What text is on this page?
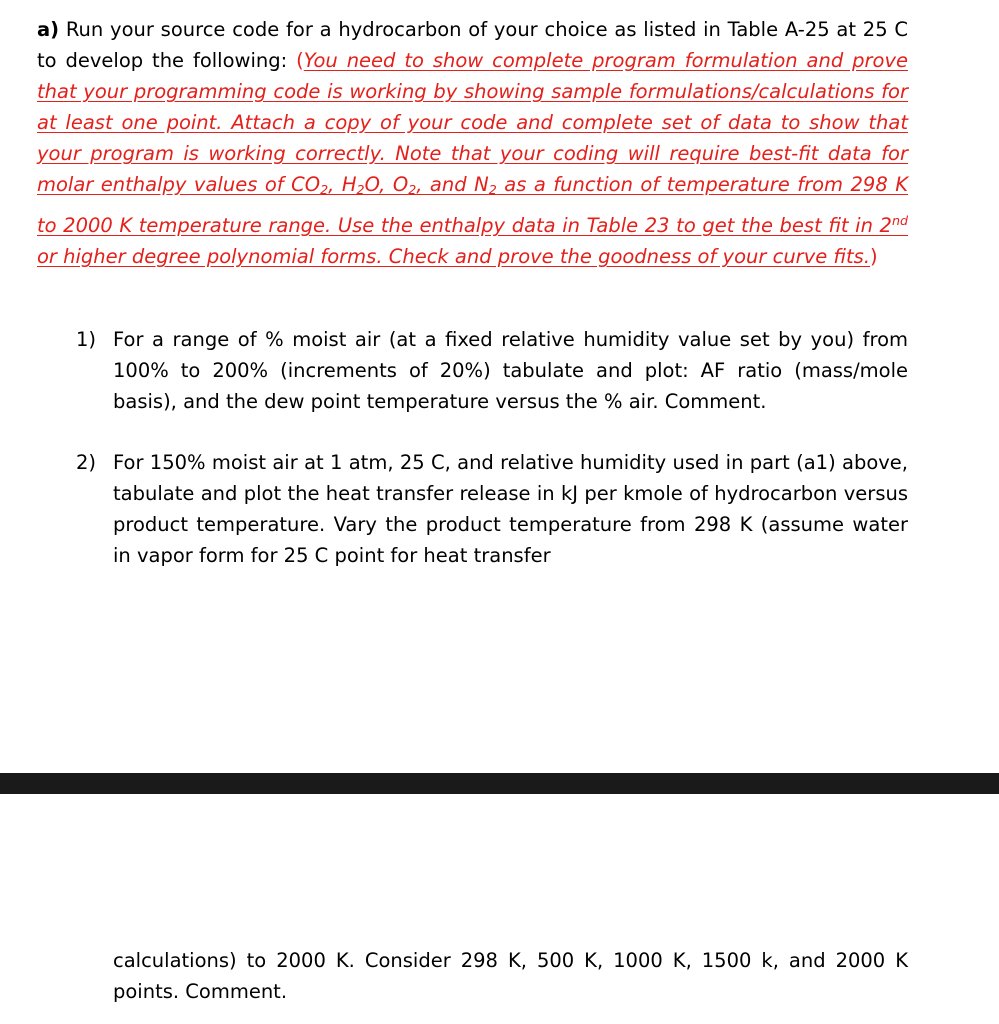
a) Run your source code for a hydrocarbon of your choice as listed in Table A-25 at 25 C to develop the following: (You need to show complete program formulation and prove that your programming code is working by showing sample formulations/calculations for at least one point. Attach a copy of your code and complete set of data to show that your program is working correctly. Note that your coding will require best-fit data for molar enthalpy values of $CO_2$, $H_2O$, $O_2$, and $N_2$ as a function of temperature from 298 K to 2000 K temperature range. Use the enthalpy data in Table 23 to get the best fit in 2nd or higher degree polynomial forms. Check and prove the goodness of your curve fits.)
1) For a range of % moist air (at a fixed relative humidity value set by you) from 100% to 200% (increments of 20%) tabulate and plot: AF ratio (mass/mole basis), and the dew point temperature versus the % air. Comment.
2) For 150% moist air at 1 atm, 25 C, and relative humidity used in part (a1) above, tabulate and plot the heat transfer release in kJ per kmole of hydrocarbon versus product temperature. Vary the product temperature from 298 K (assume water in vapor form for 25 C point for heat transfer
calculations) to 2000 K. Consider 298 K, 500 K, 1000 K, 1500 k, and 2000 K points. Comment.
